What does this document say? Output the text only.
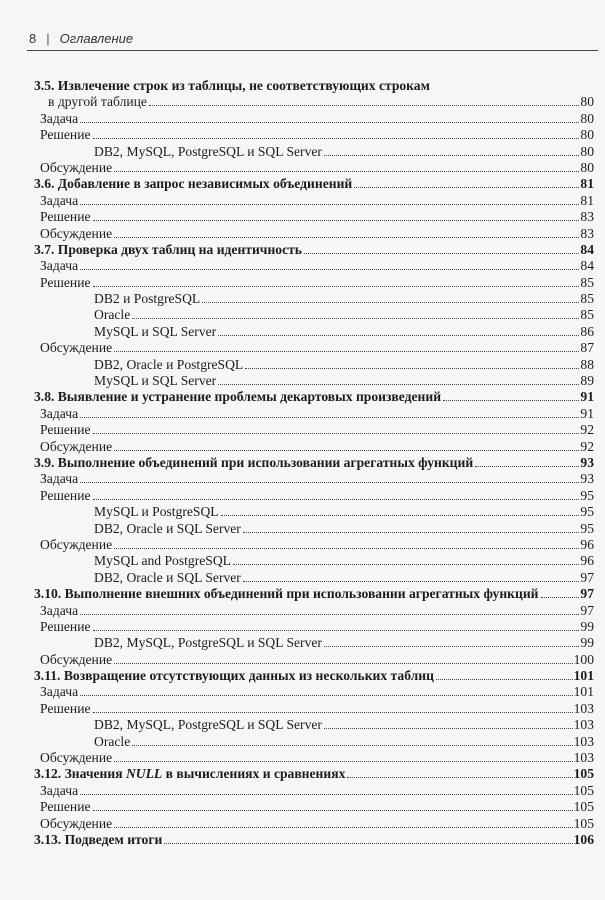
8 | Оглавление
3.5. Извлечение строк из таблицы, не соответствующих строкам
в другой таблице	80
Задача	80
Решение	80
DB2, MySQL, PostgreSQL и SQL Server	80
Обсуждение	80
3.6. Добавление в запрос независимых объединений	81
Задача	81
Решение	83
Обсуждение	83
3.7. Проверка двух таблиц на идентичность	84
Задача	84
Решение	85
DB2 и PostgreSQL	85
Oracle	85
MySQL и SQL Server	86
Обсуждение	87
DB2, Oracle и PostgreSQL	88
MySQL и SQL Server	89
3.8. Выявление и устранение проблемы декартовых произведений	91
Задача	91
Решение	92
Обсуждение	92
3.9. Выполнение объединений при использовании агрегатных функций	93
Задача	93
Решение	95
MySQL и PostgreSQL	95
DB2, Oracle и SQL Server	95
Обсуждение	96
MySQL and PostgreSQL	96
DB2, Oracle и SQL Server	97
3.10. Выполнение внешних объединений при использовании агрегатных функций	97
Задача	97
Решение	99
DB2, MySQL, PostgreSQL и SQL Server	99
Обсуждение	100
3.11. Возвращение отсутствующих данных из нескольких таблиц	101
Задача	101
Решение	103
DB2, MySQL, PostgreSQL и SQL Server	103
Oracle	103
Обсуждение	103
3.12. Значения NULL в вычислениях и сравнениях	105
Задача	105
Решение	105
Обсуждение	105
3.13. Подведем итоги	106
